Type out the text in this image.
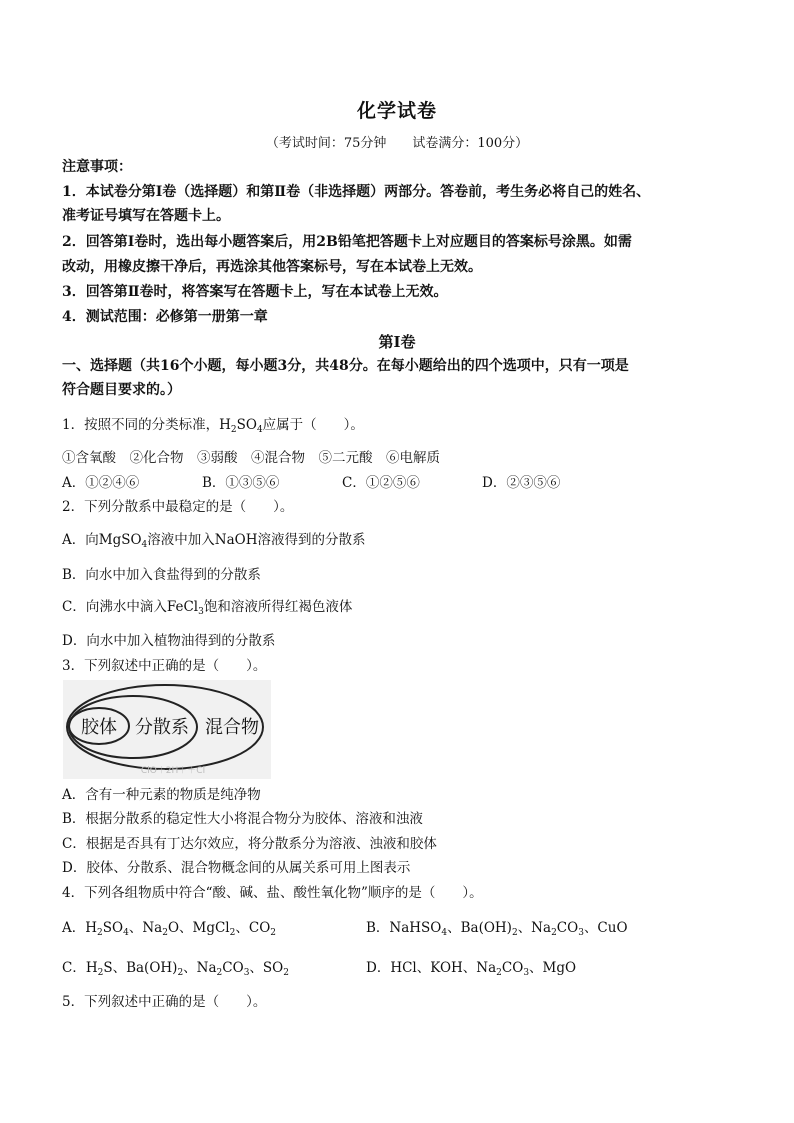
化学试卷
（考试时间：75分钟　　试卷满分：100分）
注意事项：
1．本试卷分第Ⅰ卷（选择题）和第Ⅱ卷（非选择题）两部分。答卷前，考生务必将自己的姓名、
准考证号填写在答题卡上。
2．回答第Ⅰ卷时，选出每小题答案后，用2B铅笔把答题卡上对应题目的答案标号涂黑。如需
改动，用橡皮擦干净后，再选涂其他答案标号，写在本试卷上无效。
3．回答第Ⅱ卷时，将答案写在答题卡上，写在本试卷上无效。
4．测试范围：必修第一册第一章
第Ⅰ卷
一、选择题（共16个小题，每小题3分，共48分。在每小题给出的四个选项中，只有一项是
符合题目要求的。）
1．按照不同的分类标准，$H_2SO_4$应属于（　　）。
①含氧酸　②化合物　③弱酸　④混合物　⑤二元酸　⑥电解质
A．①②④⑥	B．①③⑤⑥	C．①②⑤⑥	D．②③⑤⑥
2．下列分散系中最稳定的是（　　）。
A．向MgSO$_4$溶液中加入NaOH溶液得到的分散系
B．向水中加入食盐得到的分散系
C．向沸水中滴入FeCl$_3$饱和溶液所得红褐色液体
D．向水中加入植物油得到的分散系
3．下列叙述中正确的是（　　）。
胶体 分散系 混合物
ClO＋2H＋＋Cl
A．含有一种元素的物质是纯净物
B．根据分散系的稳定性大小将混合物分为胶体、溶液和浊液
C．根据是否具有丁达尔效应，将分散系分为溶液、浊液和胶体
D．胶体、分散系、混合物概念间的从属关系可用上图表示
4．下列各组物质中符合“酸、碱、盐、酸性氧化物”顺序的是（　　）。
A．$H_2SO_4$、$Na_2O$、MgCl$_2$、$CO_2$	B．NaHSO$_4$、$Ba(OH)_2$、$Na_2CO_3$、CuO
C．$H_2S$、$Ba(OH)_2$、$Na_2CO_3$、$SO_2$	D．HCl、KOH、$Na_2CO_3$、MgO
5．下列叙述中正确的是（　　）。
